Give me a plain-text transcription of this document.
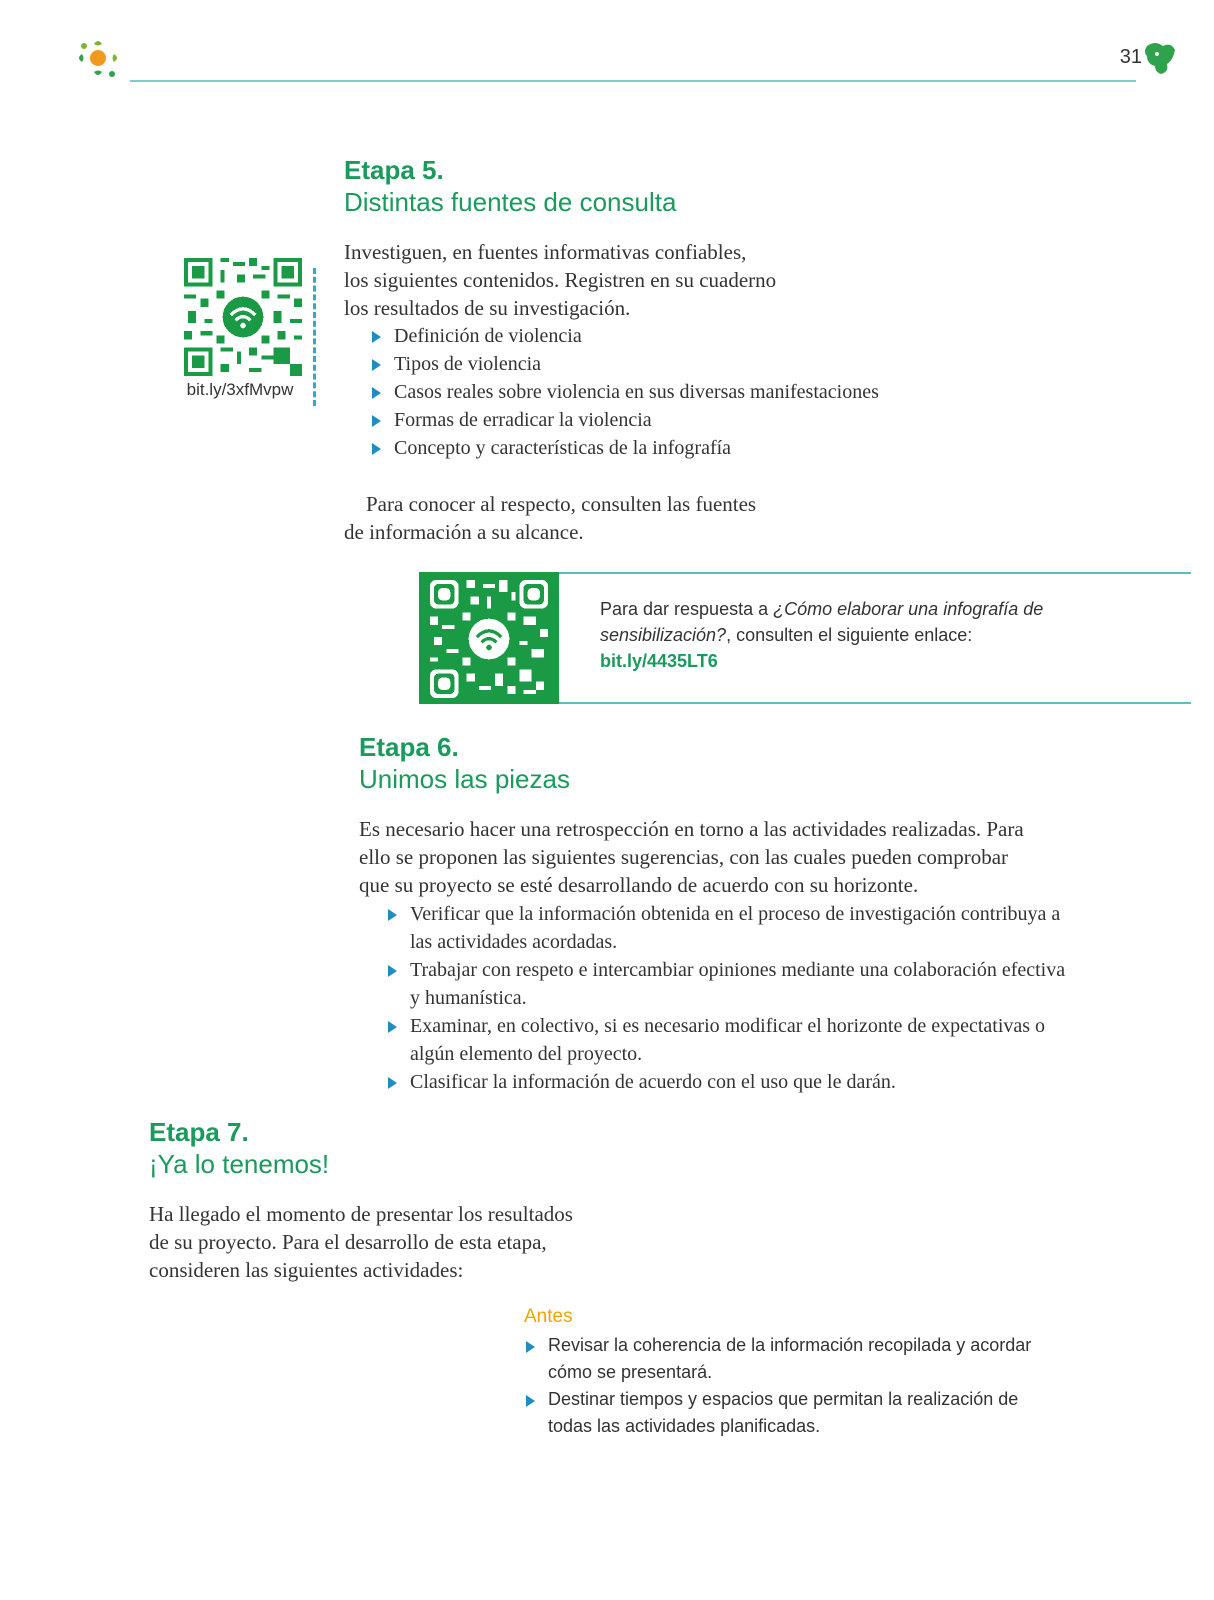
31
Etapa 5.
Distintas fuentes de consulta

Investiguen, en fuentes informativas confiables,

los siguientes contenidos. Registren en su cuaderno

los resultados de su investigación.

Definición de violencia
Tipos de violencia
Casos reales sobre violencia en sus diversas manifestaciones
Formas de erradicar la violencia
Concepto y características de la infografía

Para conocer al respecto, consulten las fuentes

de información a su alcance.

bit.ly/3xfMvpw
Para dar respuesta a ¿Cómo elaborar una infografía de sensibilización?, consulten el siguiente enlace:
bit.ly/4435LT6
Etapa 6.
Unimos las piezas

Es necesario hacer una retrospección en torno a las actividades realizadas. Para

ello se proponen las siguientes sugerencias, con las cuales pueden comprobar

que su proyecto se esté desarrollando de acuerdo con su horizonte.

Verificar que la información obtenida en el proceso de investigación contribuya a las actividades acordadas.
Trabajar con respeto e intercambiar opiniones mediante una colaboración efectiva y humanística.
Examinar, en colectivo, si es necesario modificar el horizonte de expectativas o algún elemento del proyecto.
Clasificar la información de acuerdo con el uso que le darán.
Etapa 7.
¡Ya lo tenemos!

Ha llegado el momento de presentar los resultados

de su proyecto. Para el desarrollo de esta etapa,

consideren las siguientes actividades:

Antes
Revisar la coherencia de la información recopilada y acordar cómo se presentará.
Destinar tiempos y espacios que permitan la realización de todas las actividades planificadas.
